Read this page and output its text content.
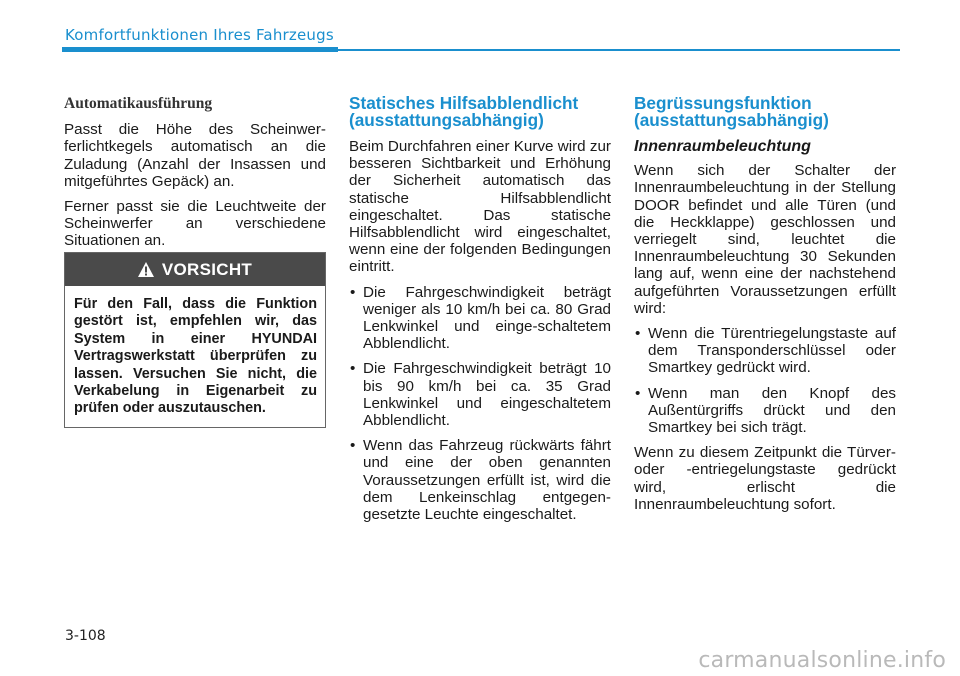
Komfortfunktionen Ihres Fahrzeugs
Automatikausführung

Passt die Höhe des Scheinwer-ferlichtkegels automatisch an die Zuladung (Anzahl der Insassen und mitgeführtes Gepäck) an.

Ferner passt sie die Leuchtweite der Scheinwerfer an verschiedene Situationen an.

VORSICHT
Für den Fall, dass die Funktion gestört ist, empfehlen wir, das System in einer HYUNDAI Vertragswerkstatt überprüfen zu lassen. Versuchen Sie nicht, die Verkabelung in Eigenarbeit zu prüfen oder auszutauschen.
Statisches Hilfsabblendlicht
(ausstattungsabhängig)

Beim Durchfahren einer Kurve wird zur besseren Sichtbarkeit und Erhöhung der Sicherheit automatisch das statische Hilfsabblendlicht eingeschaltet. Das statische Hilfsabblendlicht wird eingeschaltet, wenn eine der folgenden Bedingungen eintritt.

• Die Fahrgeschwindigkeit beträgt weniger als 10 km/h bei ca. 80 Grad Lenkwinkel und einge-schaltetem Abblendlicht.
• Die Fahrgeschwindigkeit beträgt 10 bis 90 km/h bei ca. 35 Grad Lenkwinkel und eingeschaltetem Abblendlicht.
• Wenn das Fahrzeug rückwärts fährt und eine der oben genannten Voraussetzungen erfüllt ist, wird die dem Lenkeinschlag entgegen-gesetzte Leuchte eingeschaltet.
Begrüssungsfunktion
(ausstattungsabhängig)
Innenraumbeleuchtung

Wenn sich der Schalter der Innenraumbeleuchtung in der Stellung DOOR befindet und alle Türen (und die Heckklappe) geschlossen und verriegelt sind, leuchtet die Innenraumbeleuchtung 30 Sekunden lang auf, wenn eine der nachstehend aufgeführten Voraussetzungen erfüllt wird:

• Wenn die Türentriegelungstaste auf dem Transponderschlüssel oder Smartkey gedrückt wird.
• Wenn man den Knopf des Außentürgriffs drückt und den Smartkey bei sich trägt.

Wenn zu diesem Zeitpunkt die Türver- oder -entriegelungstaste gedrückt wird, erlischt die Innenraumbeleuchtung sofort.

3-108
carmanualsonline.info
